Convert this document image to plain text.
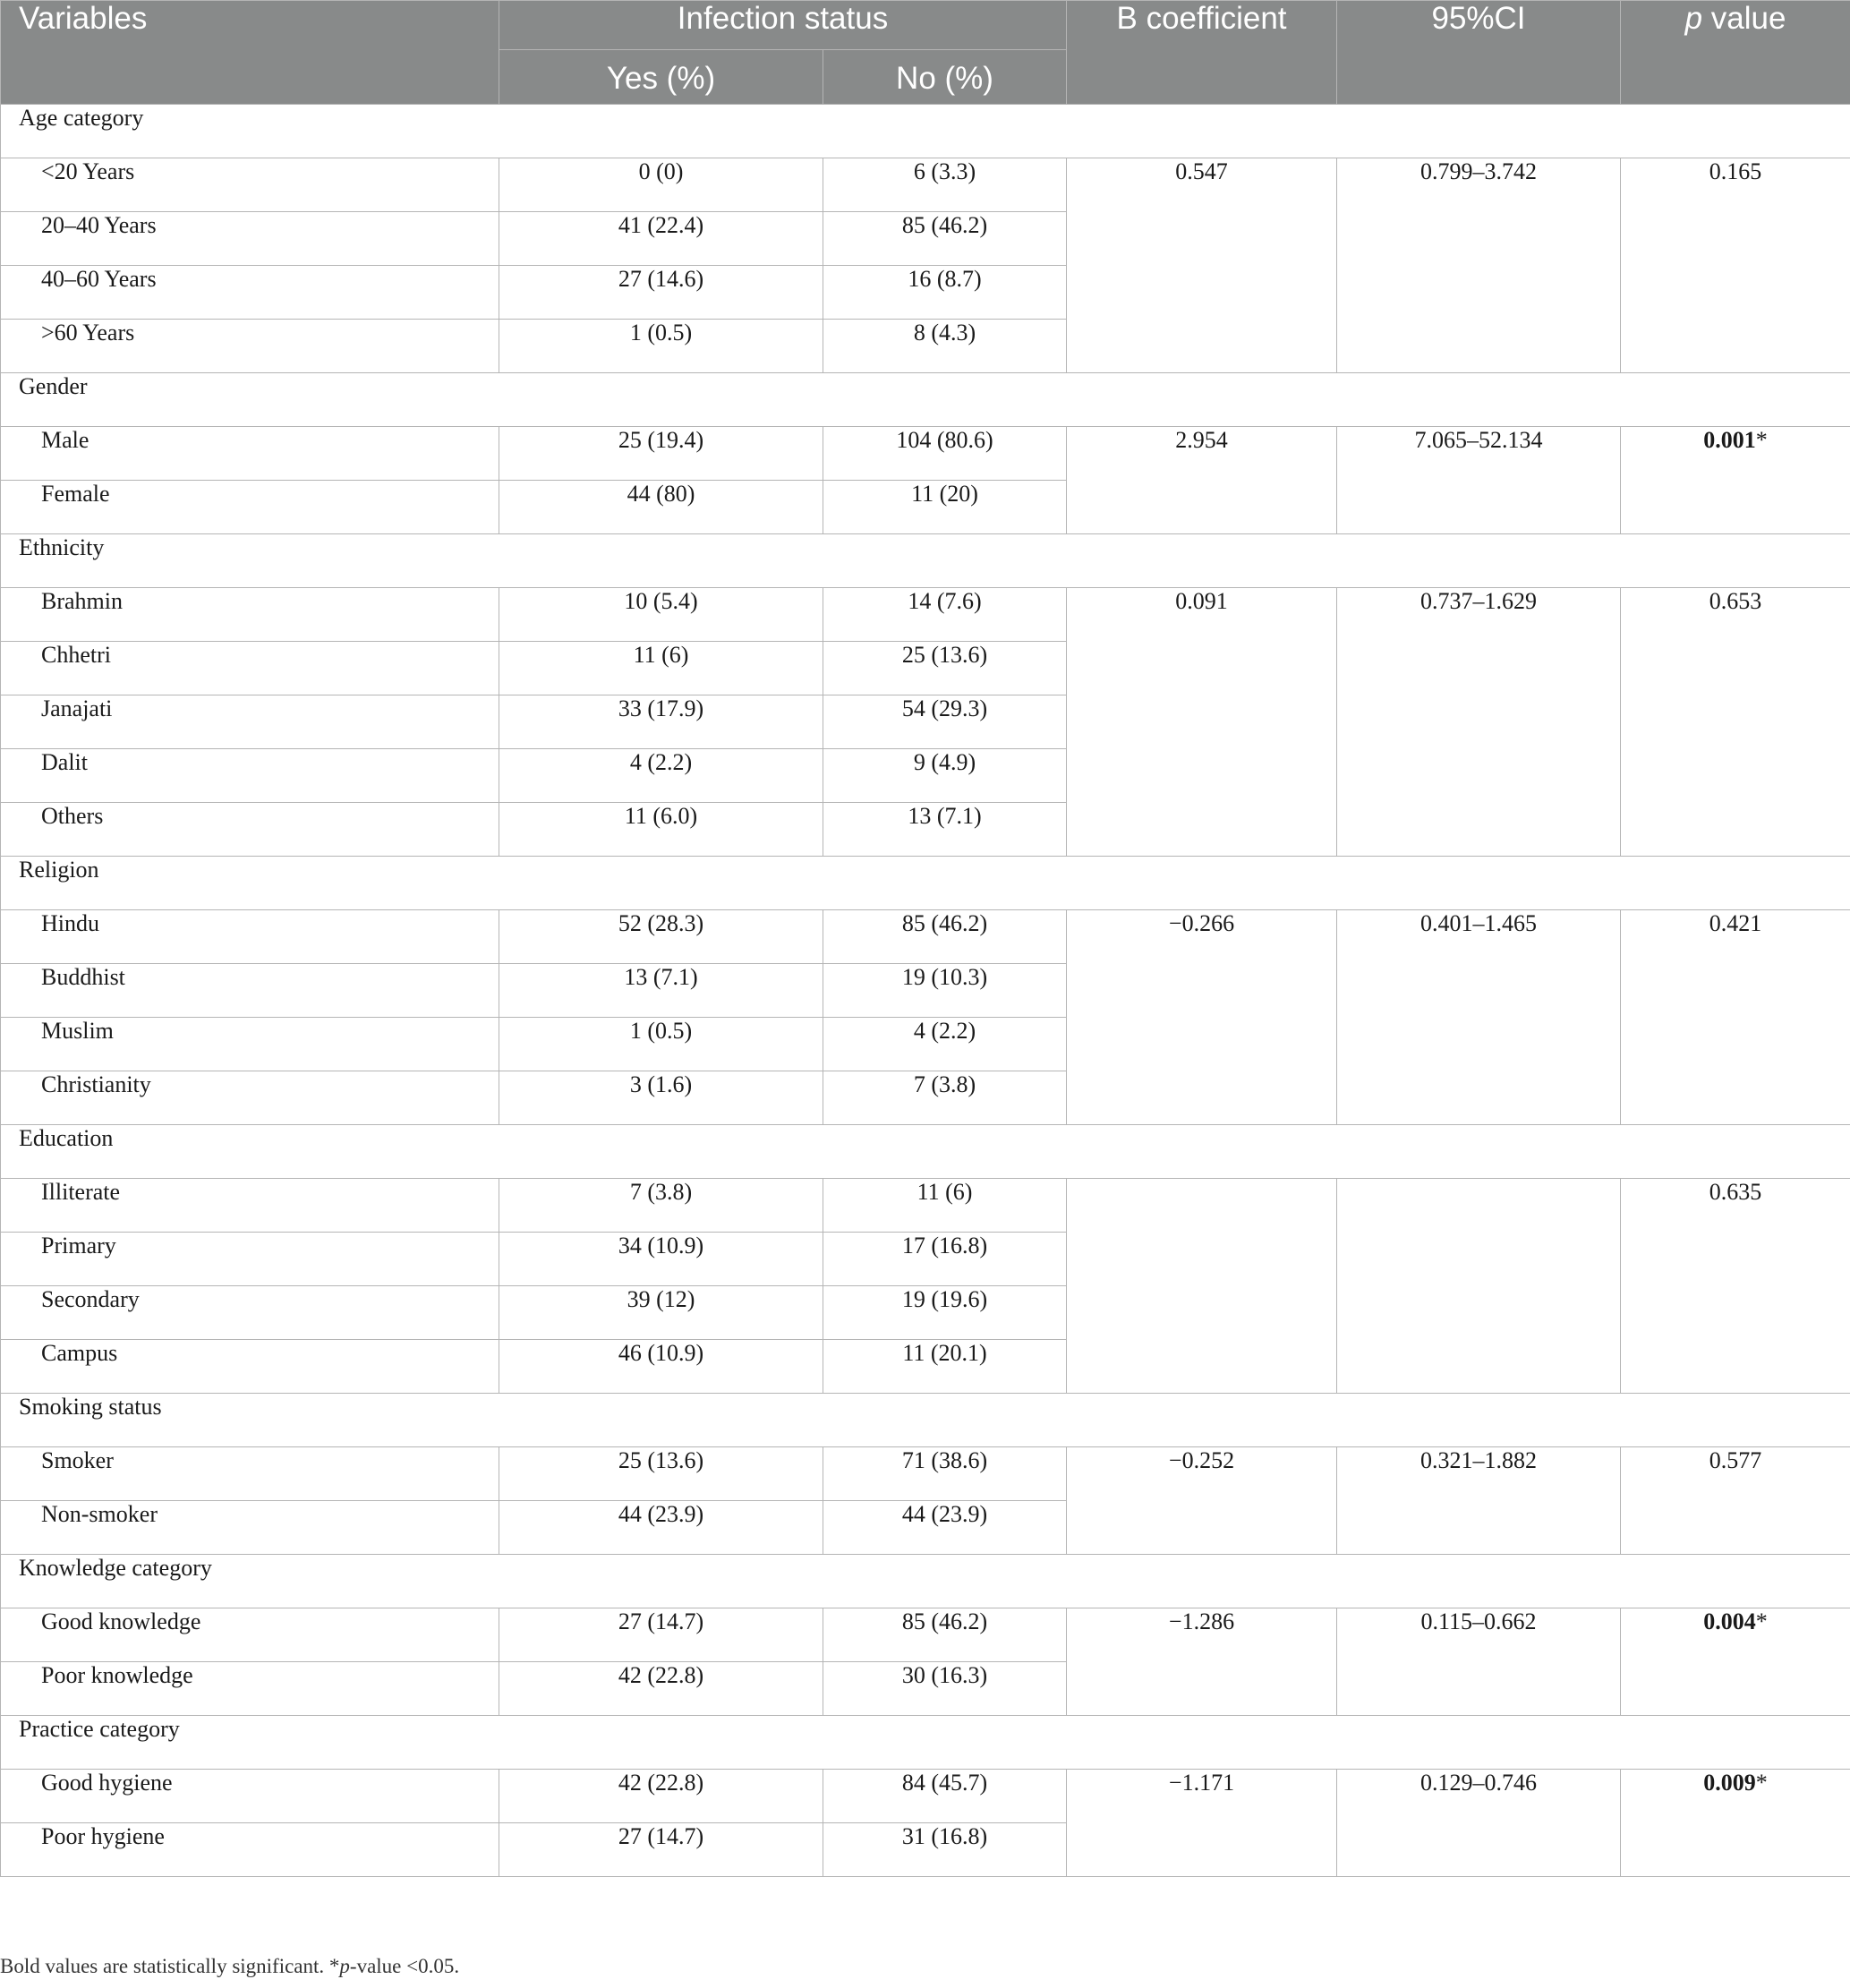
Variables	Infection status		B coefficient	95%CI	p value
	Yes (%)	No (%)			
Age category					
<20 Years	0 (0)	6 (3.3)	0.547	0.799–3.742	0.165
20–40 Years	41 (22.4)	85 (46.2)			
40–60 Years	27 (14.6)	16 (8.7)			
>60 Years	1 (0.5)	8 (4.3)			
Gender					
Male	25 (19.4)	104 (80.6)	2.954	7.065–52.134	0.001*
Female	44 (80)	11 (20)			
Ethnicity					
Brahmin	10 (5.4)	14 (7.6)	0.091	0.737–1.629	0.653
Chhetri	11 (6)	25 (13.6)			
Janajati	33 (17.9)	54 (29.3)			
Dalit	4 (2.2)	9 (4.9)			
Others	11 (6.0)	13 (7.1)			
Religion					
Hindu	52 (28.3)	85 (46.2)	−0.266	0.401–1.465	0.421
Buddhist	13 (7.1)	19 (10.3)			
Muslim	1 (0.5)	4 (2.2)			
Christianity	3 (1.6)	7 (3.8)			
Education					
Illiterate	7 (3.8)	11 (6)			0.635
Primary	34 (10.9)	17 (16.8)			
Secondary	39 (12)	19 (19.6)			
Campus	46 (10.9)	11 (20.1)			
Smoking status					
Smoker	25 (13.6)	71 (38.6)	−0.252	0.321–1.882	0.577
Non-smoker	44 (23.9)	44 (23.9)			
Knowledge category					
Good knowledge	27 (14.7)	85 (46.2)	−1.286	0.115–0.662	0.004*
Poor knowledge	42 (22.8)	30 (16.3)			
Practice category					
Good hygiene	42 (22.8)	84 (45.7)	−1.171	0.129–0.746	0.009*
Poor hygiene	27 (14.7)	31 (16.8)			

Bold values are statistically significant. *p-value <0.05.
